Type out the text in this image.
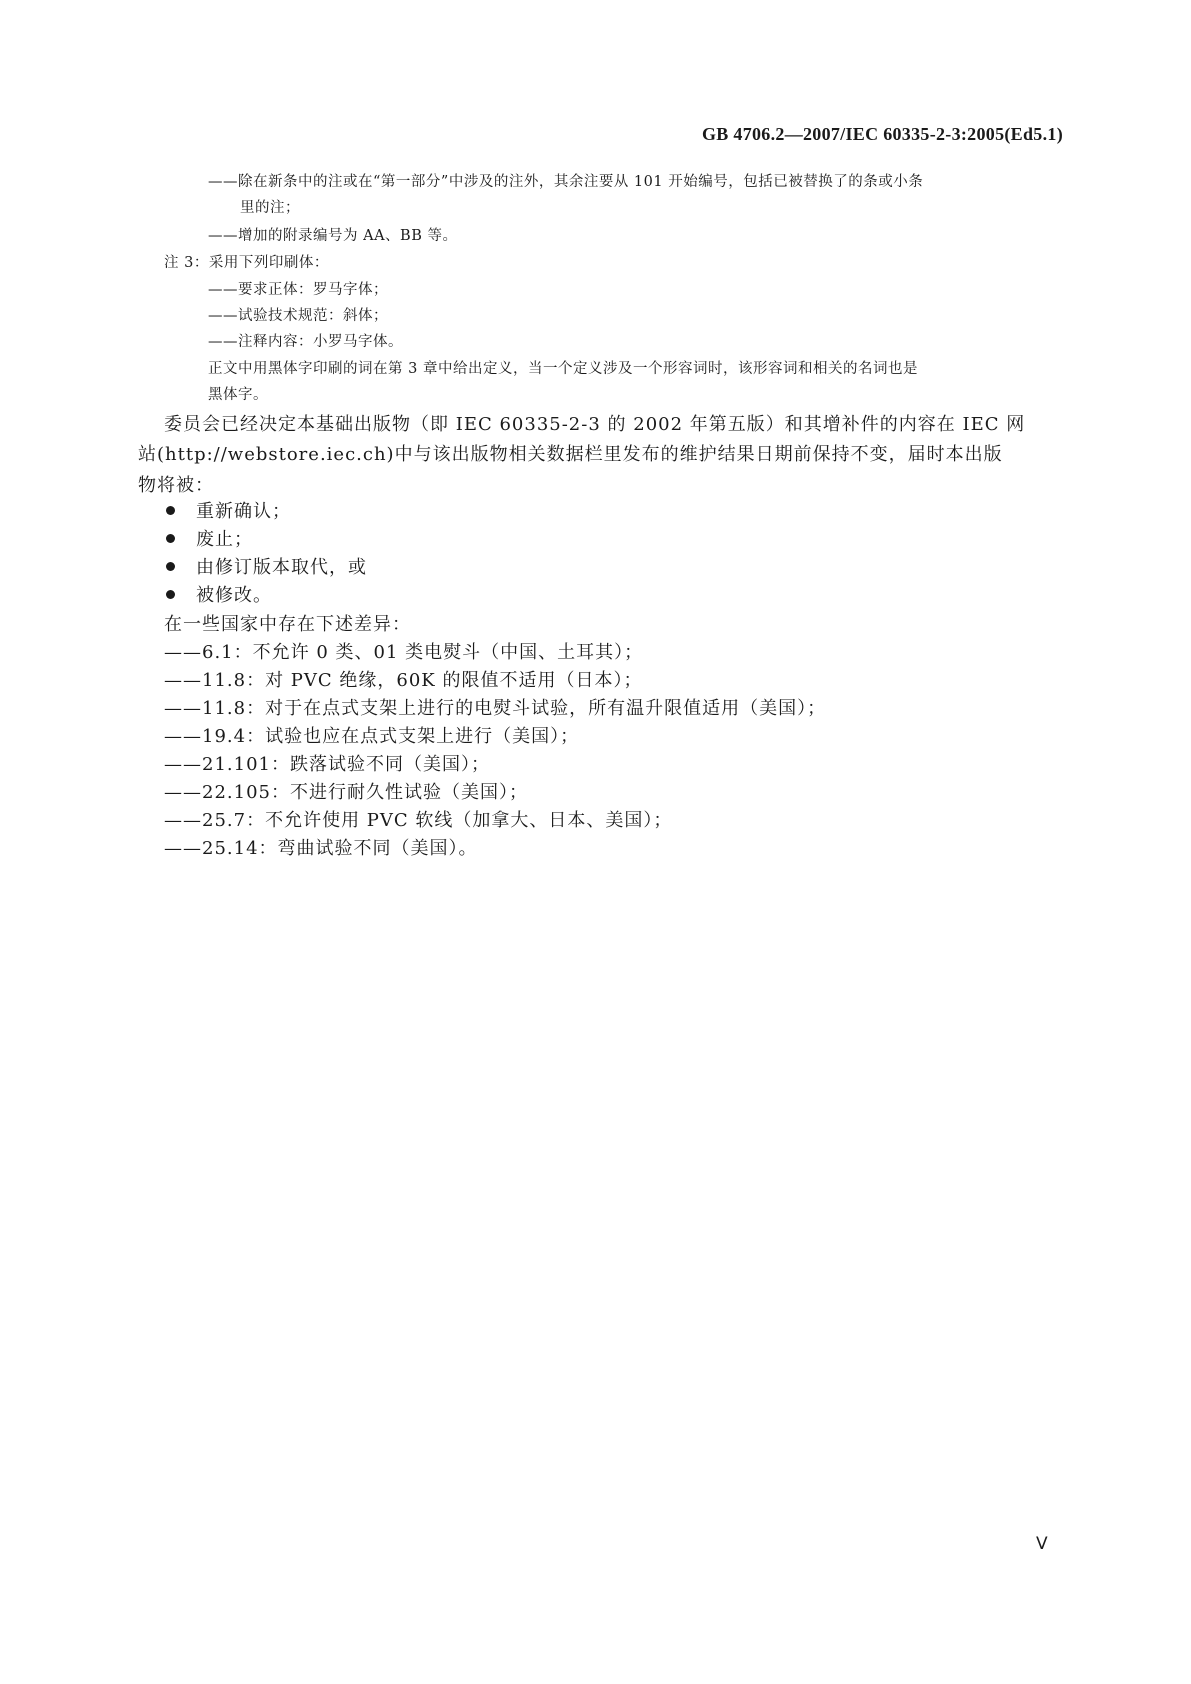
GB 4706.2—2007/IEC 60335-2-3:2005(Ed5.1)
——除在新条中的注或在“第一部分”中涉及的注外，其余注要从 101 开始编号，包括已被替换了的条或小条
里的注；
——增加的附录编号为 AA、BB 等。
注 3：采用下列印刷体：
——要求正体：罗马字体；
——试验技术规范：斜体；
——注释内容：小罗马字体。
正文中用黑体字印刷的词在第 3 章中给出定义，当一个定义涉及一个形容词时，该形容词和相关的名词也是
黑体字。
委员会已经决定本基础出版物（即 IEC 60335-2-3 的 2002 年第五版）和其增补件的内容在 IEC 网
站(http://webstore.iec.ch)中与该出版物相关数据栏里发布的维护结果日期前保持不变，届时本出版
物将被：
重新确认；
废止；
由修订版本取代，或
被修改。
在一些国家中存在下述差异：
——6.1：不允许 0 类、01 类电熨斗（中国、土耳其）；
——11.8：对 PVC 绝缘，60K 的限值不适用（日本）；
——11.8：对于在点式支架上进行的电熨斗试验，所有温升限值适用（美国）；
——19.4：试验也应在点式支架上进行（美国）；
——21.101：跌落试验不同（美国）；
——22.105：不进行耐久性试验（美国）；
——25.7：不允许使用 PVC 软线（加拿大、日本、美国）；
——25.14：弯曲试验不同（美国）。
Ⅴ
